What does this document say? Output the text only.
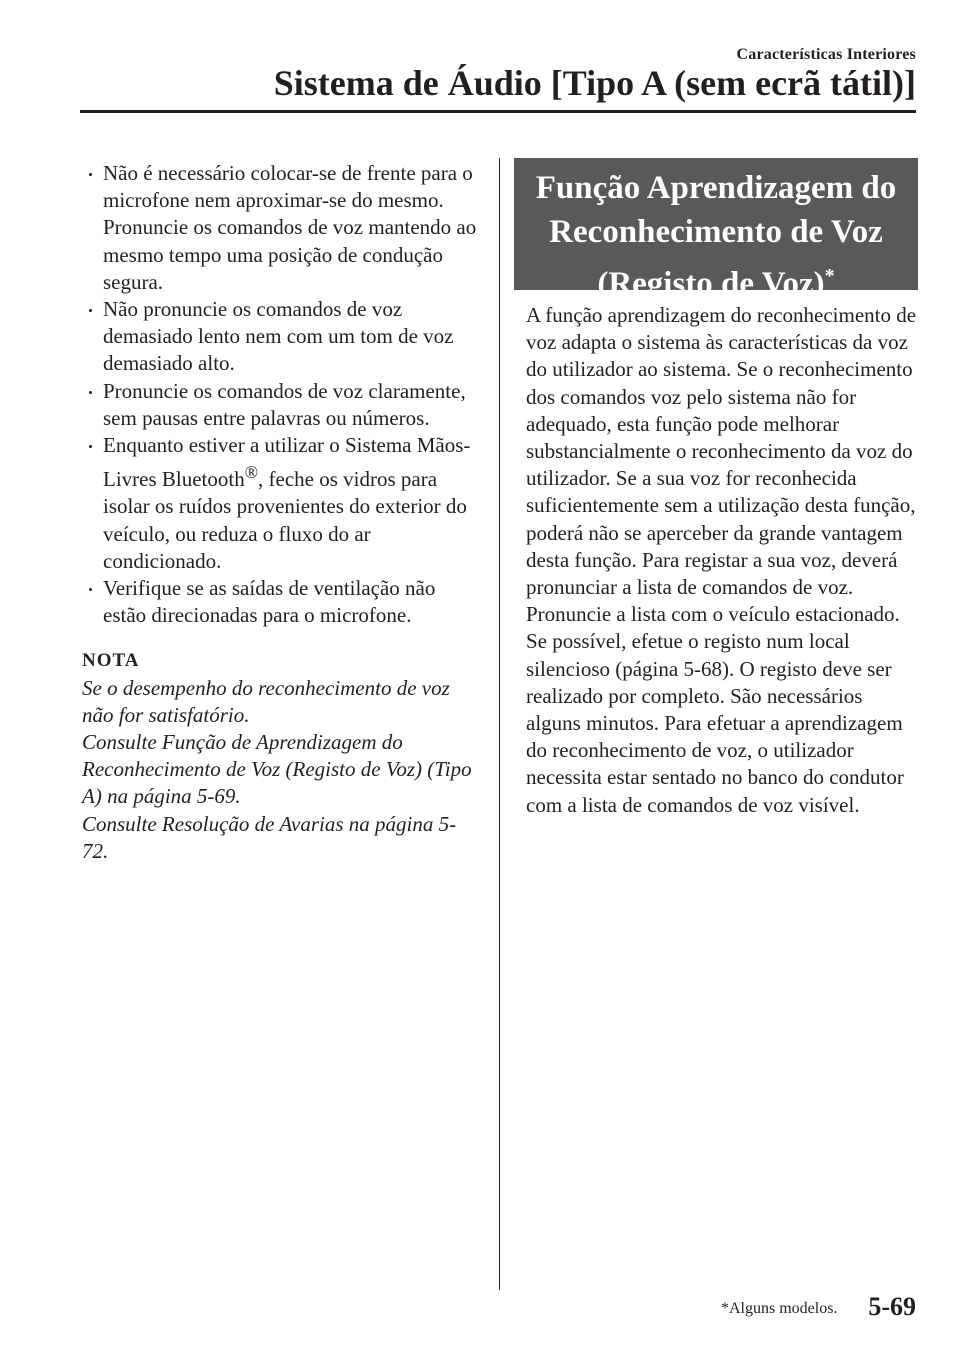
Características Interiores
Sistema de Áudio [Tipo A (sem ecrã tátil)]

Não é necessário colocar-se de frente para o microfone nem aproximar-se do mesmo. Pronuncie os comandos de voz mantendo ao mesmo tempo uma posição de condução segura.

Não pronuncie os comandos de voz demasiado lento nem com um tom de voz demasiado alto.

Pronuncie os comandos de voz claramente, sem pausas entre palavras ou números.

Enquanto estiver a utilizar o Sistema Mãos-Livres Bluetooth®, feche os vidros para isolar os ruídos provenientes do exterior do veículo, ou reduza o fluxo do ar condicionado.

Verifique se as saídas de ventilação não estão direcionadas para o microfone.

NOTA

Se o desempenho do reconhecimento de voz não for satisfatório.

Consulte Função de Aprendizagem do Reconhecimento de Voz (Registo de Voz) (Tipo A) na página 5-69.

Consulte Resolução de Avarias na página 5-72.

Função Aprendizagem do Reconhecimento de Voz (Registo de Voz)*

A função aprendizagem do reconhecimento de voz adapta o sistema às características da voz do utilizador ao sistema. Se o reconhecimento dos comandos voz pelo sistema não for adequado, esta função pode melhorar substancialmente o reconhecimento da voz do utilizador. Se a sua voz for reconhecida suficientemente sem a utilização desta função, poderá não se aperceber da grande vantagem desta função. Para registar a sua voz, deverá pronunciar a lista de comandos de voz. Pronuncie a lista com o veículo estacionado. Se possível, efetue o registo num local silencioso (página 5-68). O registo deve ser realizado por completo. São necessários alguns minutos. Para efetuar a aprendizagem do reconhecimento de voz, o utilizador necessita estar sentado no banco do condutor com a lista de comandos de voz visível.

*Alguns modelos. 5-69
